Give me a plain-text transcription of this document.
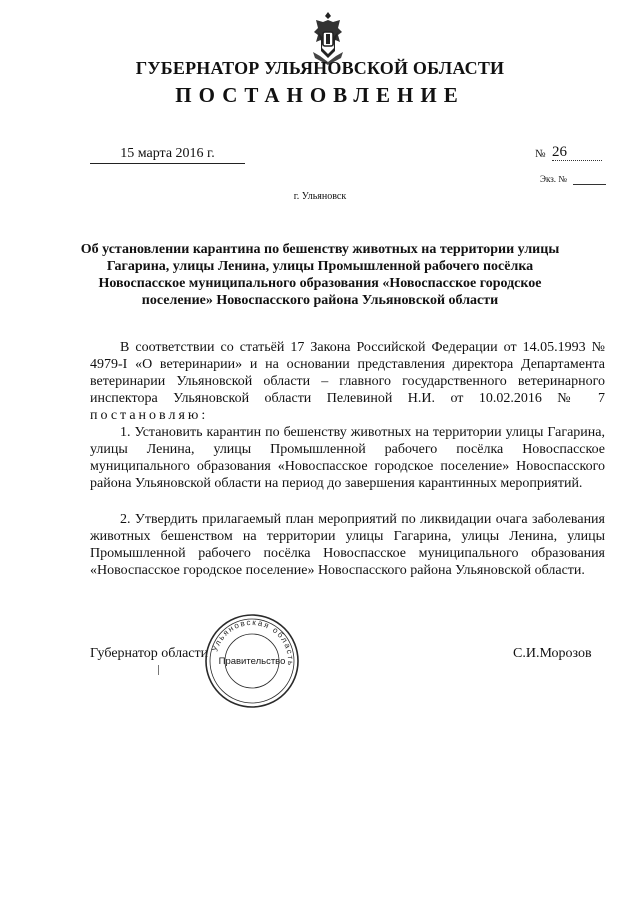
ГУБЕРНАТОР УЛЬЯНОВСКОЙ ОБЛАСТИ
ПОСТАНОВЛЕНИЕ
15 марта 2016 г.	№ 26
Экз. №
г. Ульяновск
Об установлении карантина по бешенству животных на территории улицы Гагарина, улицы Ленина, улицы Промышленной рабочего посёлка Новоспасское муниципального образования «Новоспасское городское поселение» Новоспасского района Ульяновской области
В соответствии со статьёй 17 Закона Российской Федерации от 14.05.1993 № 4979-I «О ветеринарии» и на основании представления директора Департамента ветеринарии Ульяновской области – главного государственного ветеринарного инспектора Ульяновской области Пелевиной Н.И. от 10.02.2016 № 7 постановляю:
1. Установить карантин по бешенству животных на территории улицы Гагарина, улицы Ленина, улицы Промышленной рабочего посёлка Новоспасское муниципального образования «Новоспасское городское поселение» Новоспасского района Ульяновской области на период до завершения карантинных мероприятий.
2. Утвердить прилагаемый план мероприятий по ликвидации очага заболевания животных бешенством на территории улицы Гагарина, улицы Ленина, улицы Промышленной рабочего посёлка Новоспасское муниципального образования «Новоспасское городское поселение» Новоспасского района Ульяновской области.
Губернатор области	С.И.Морозов
Ульяновская область
Правительство
